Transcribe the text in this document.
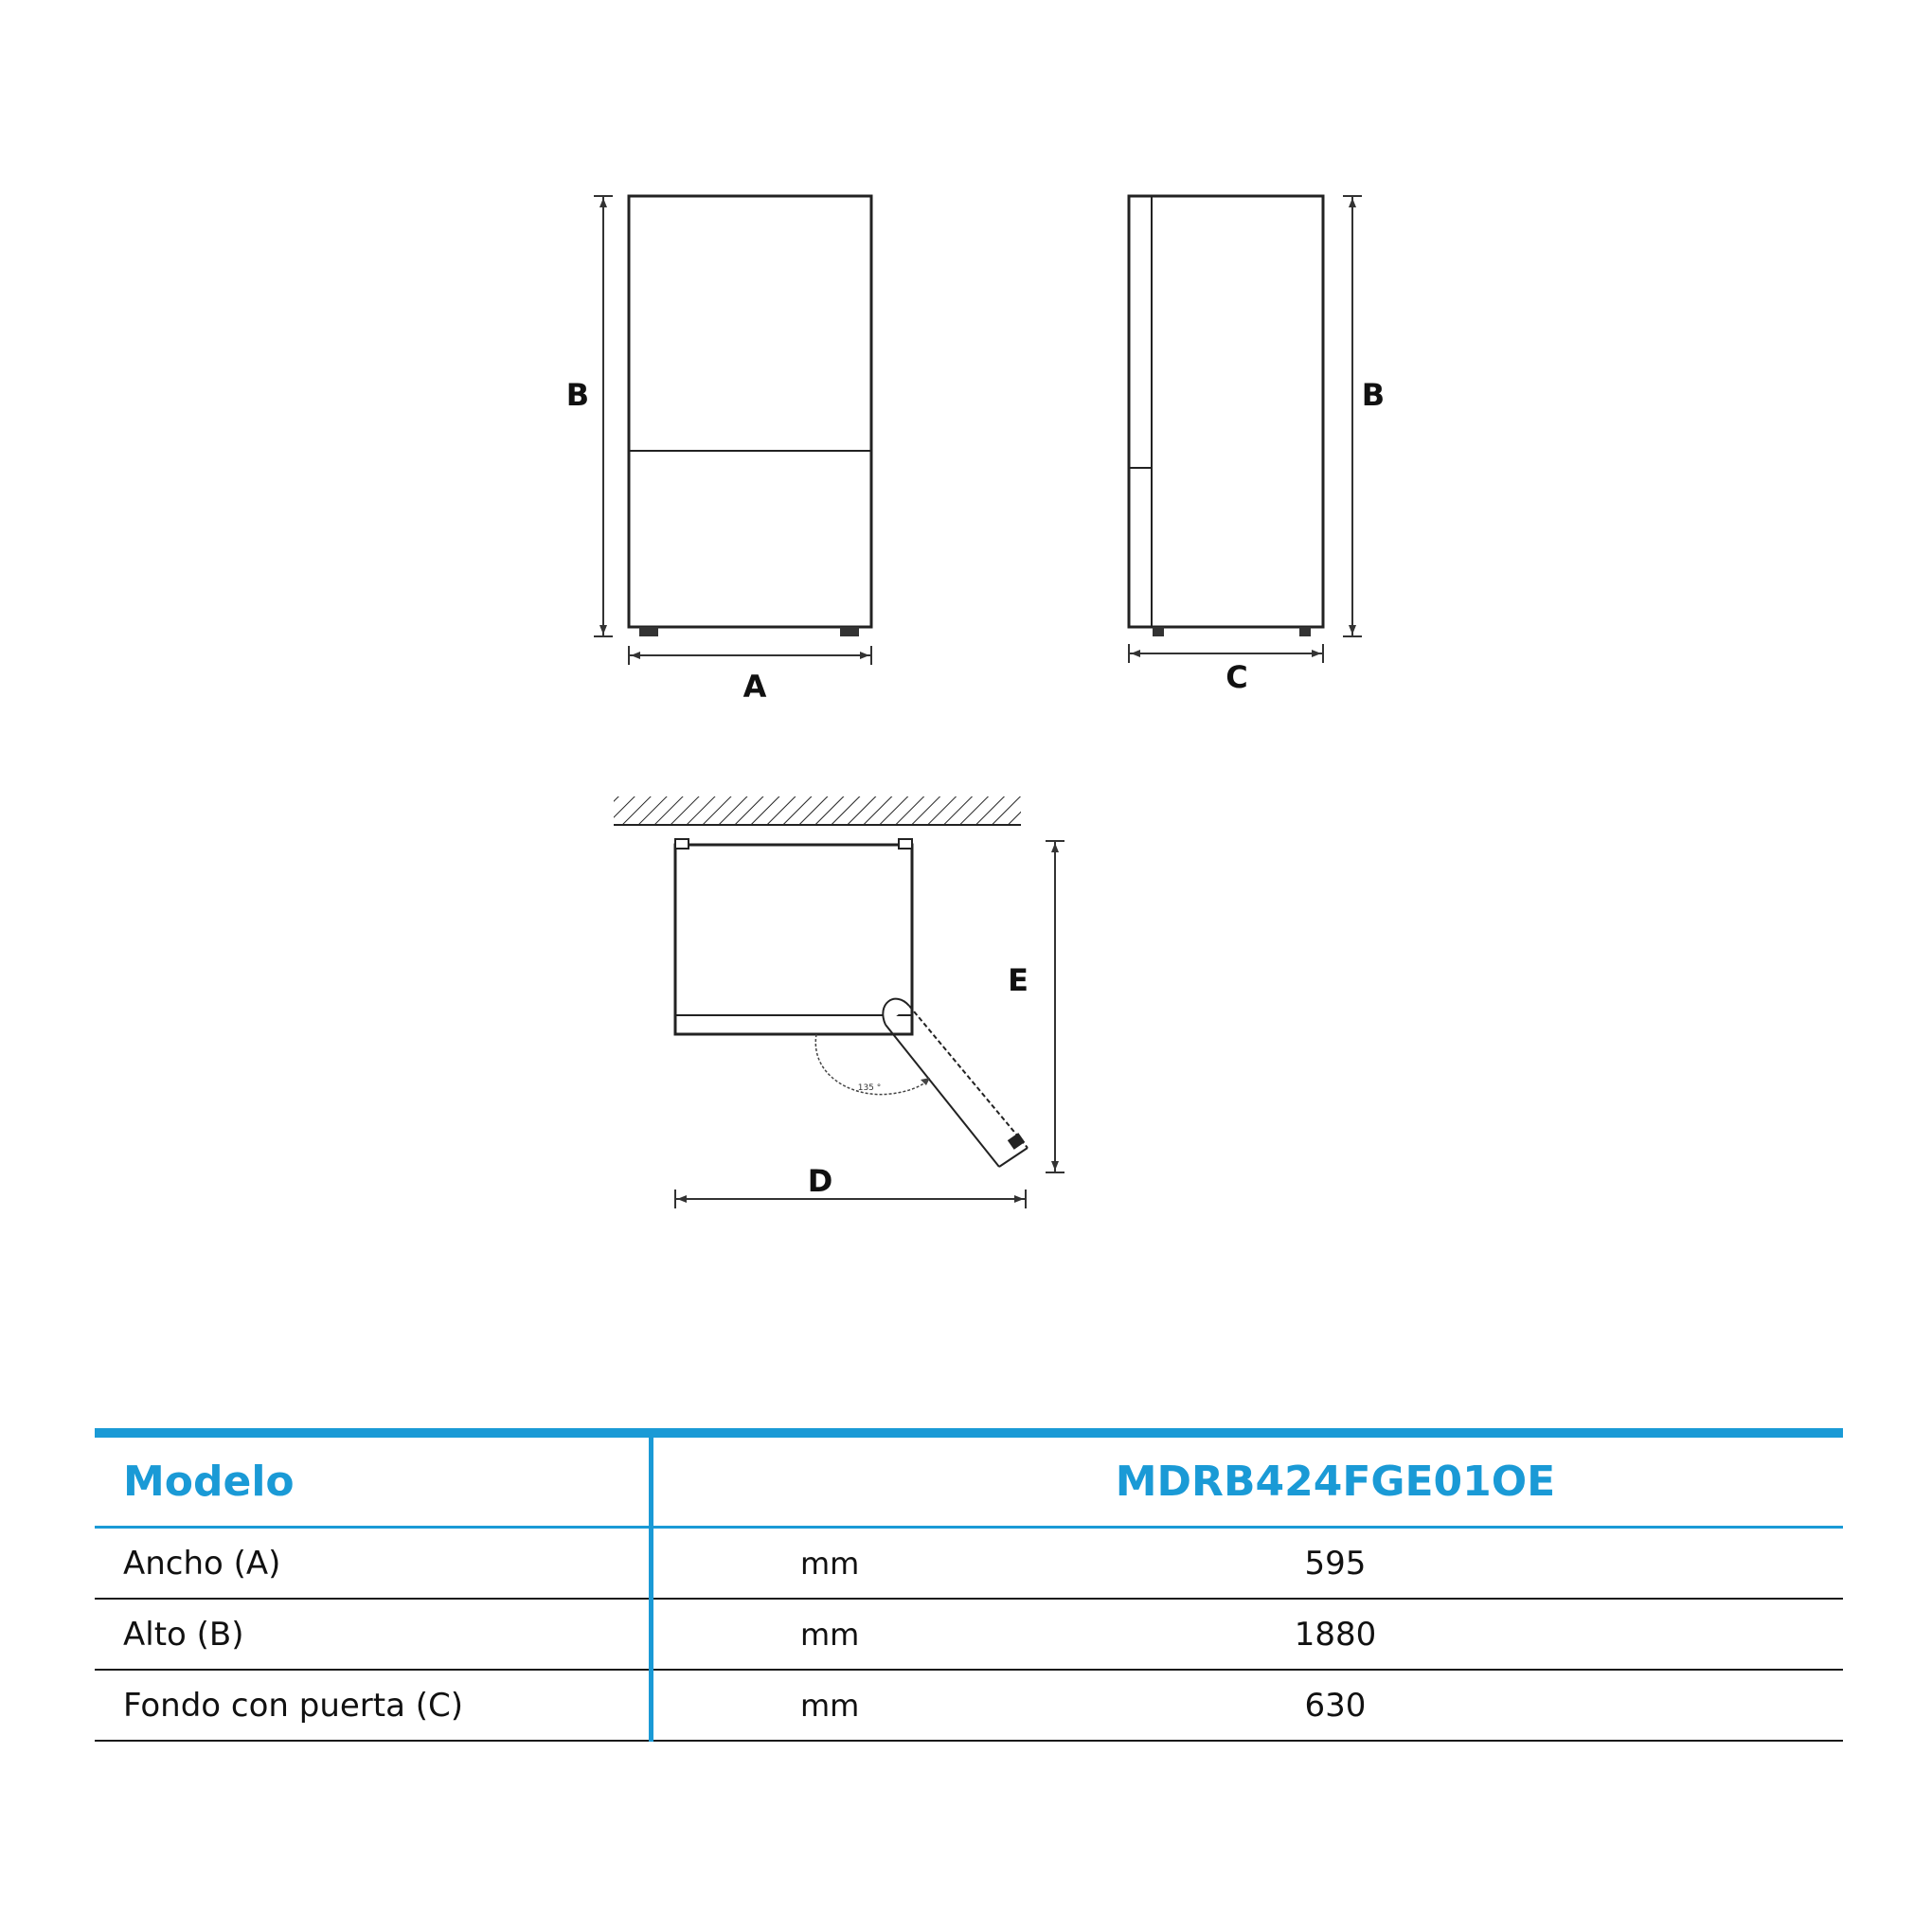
B
A
B
C
135 °
E
D
Modelo	MDRB424FGE01OE
Ancho (A)	mm	595
Alto (B)	mm	1880
Fondo con puerta (C)	mm	630
